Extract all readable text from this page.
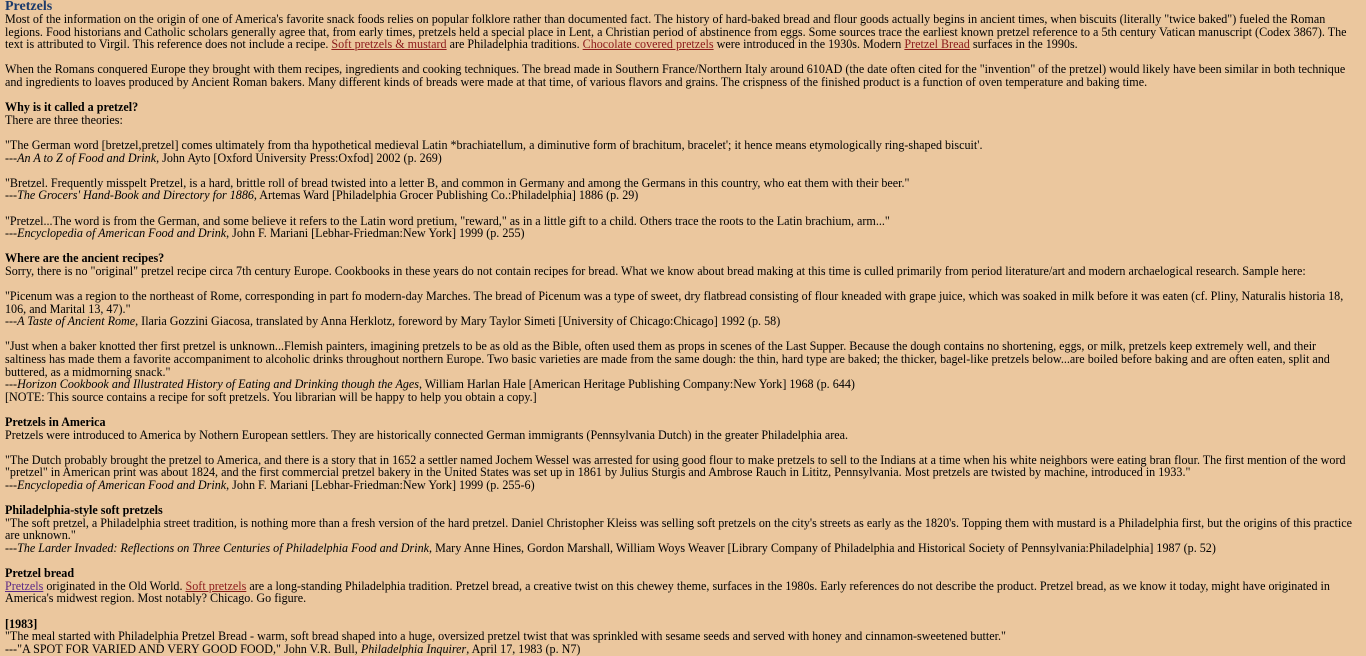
Pretzels

Most of the information on the origin of one of America's favorite snack foods relies on popular folklore rather than documented fact. The history of hard-baked bread and flour goods actually begins in ancient times, when biscuits (literally "twice baked") fueled the Roman legions. Food historians and Catholic scholars generally agree that, from early times, pretzels held a special place in Lent, a Christian period of abstinence from eggs. Some sources trace the earliest known pretzel reference to a 5th century Vatican manuscript (Codex 3867). The text is attributed to Virgil. This reference does not include a recipe. Soft pretzels & mustard are Philadelphia traditions. Chocolate covered pretzels were introduced in the 1930s. Modern Pretzel Bread surfaces in the 1990s.

When the Romans conquered Europe they brought with them recipes, ingredients and cooking techniques. The bread made in Southern France/Northern Italy around 610AD (the date often cited for the "invention" of the pretzel) would likely have been similar in both technique and ingredients to loaves produced by Ancient Roman bakers. Many different kinds of breads were made at that time, of various flavors and grains. The crispness of the finished product is a function of oven temperature and baking time.

Why is it called a pretzel?
There are three theories:

"The German word [bretzel,pretzel] comes ultimately from tha hypothetical medieval Latin *brachiatellum, a diminutive form of brachitum, bracelet'; it hence means etymologically ring-shaped biscuit'.
---An A to Z of Food and Drink, John Ayto [Oxford University Press:Oxfod] 2002 (p. 269)

"Bretzel. Frequently misspelt Pretzel, is a hard, brittle roll of bread twisted into a letter B, and common in Germany and among the Germans in this country, who eat them with their beer."
---The Grocers' Hand-Book and Directory for 1886, Artemas Ward [Philadelphia Grocer Publishing Co.:Philadelphia] 1886 (p. 29)

"Pretzel...The word is from the German, and some believe it refers to the Latin word pretium, "reward," as in a little gift to a child. Others trace the roots to the Latin brachium, arm..."
---Encyclopedia of American Food and Drink, John F. Mariani [Lebhar-Friedman:New York] 1999 (p. 255)

Where are the ancient recipes?
Sorry, there is no "original" pretzel recipe circa 7th century Europe. Cookbooks in these years do not contain recipes for bread. What we know about bread making at this time is culled primarily from period literature/art and modern archaelogical research. Sample here:

"Picenum was a region to the northeast of Rome, corresponding in part fo modern-day Marches. The bread of Picenum was a type of sweet, dry flatbread consisting of flour kneaded with grape juice, which was soaked in milk before it was eaten (cf. Pliny, Naturalis historia 18, 106, and Marital 13, 47)."
---A Taste of Ancient Rome, Ilaria Gozzini Giacosa, translated by Anna Herklotz, foreword by Mary Taylor Simeti [University of Chicago:Chicago] 1992 (p. 58)

"Just when a baker knotted ther first pretzel is unknown...Flemish painters, imagining pretzels to be as old as the Bible, often used them as props in scenes of the Last Supper. Because the dough contains no shortening, eggs, or milk, pretzels keep extremely well, and their saltiness has made them a favorite accompaniment to alcoholic drinks throughout northern Europe. Two basic varieties are made from the same dough: the thin, hard type are baked; the thicker, bagel-like pretzels below...are boiled before baking and are often eaten, split and buttered, as a midmorning snack."
---Horizon Cookbook and Illustrated History of Eating and Drinking though the Ages, William Harlan Hale [American Heritage Publishing Company:New York] 1968 (p. 644)
[NOTE: This source contains a recipe for soft pretzels. You librarian will be happy to help you obtain a copy.]

Pretzels in America
Pretzels were introduced to America by Nothern European settlers. They are historically connected German immigrants (Pennsylvania Dutch) in the greater Philadelphia area.

"The Dutch probably brought the pretzel to America, and there is a story that in 1652 a settler named Jochem Wessel was arrested for using good flour to make pretzels to sell to the Indians at a time when his white neighbors were eating bran flour. The first mention of the word "pretzel" in American print was about 1824, and the first commercial pretzel bakery in the United States was set up in 1861 by Julius Sturgis and Ambrose Rauch in Lititz, Pennsylvania. Most pretzels are twisted by machine, introduced in 1933."
---Encyclopedia of American Food and Drink, John F. Mariani [Lebhar-Friedman:New York] 1999 (p. 255-6)

Philadelphia-style soft pretzels
"The soft pretzel, a Philadelphia street tradition, is nothing more than a fresh version of the hard pretzel. Daniel Christopher Kleiss was selling soft pretzels on the city's streets as early as the 1820's. Topping them with mustard is a Philadelphia first, but the origins of this practice are unknown."
---The Larder Invaded: Reflections on Three Centuries of Philadelphia Food and Drink, Mary Anne Hines, Gordon Marshall, William Woys Weaver [Library Company of Philadelphia and Historical Society of Pennsylvania:Philadelphia] 1987 (p. 52)

Pretzel bread
Pretzels originated in the Old World. Soft pretzels are a long-standing Philadelphia tradition. Pretzel bread, a creative twist on this chewey theme, surfaces in the 1980s. Early references do not describe the product. Pretzel bread, as we know it today, might have originated in America's midwest region. Most notably? Chicago. Go figure.

[1983]
"The meal started with Philadelphia Pretzel Bread - warm, soft bread shaped into a huge, oversized pretzel twist that was sprinkled with sesame seeds and served with honey and cinnamon-sweetened butter."
---"A SPOT FOR VARIED AND VERY GOOD FOOD," John V.R. Bull, Philadelphia Inquirer, April 17, 1983 (p. N7)
